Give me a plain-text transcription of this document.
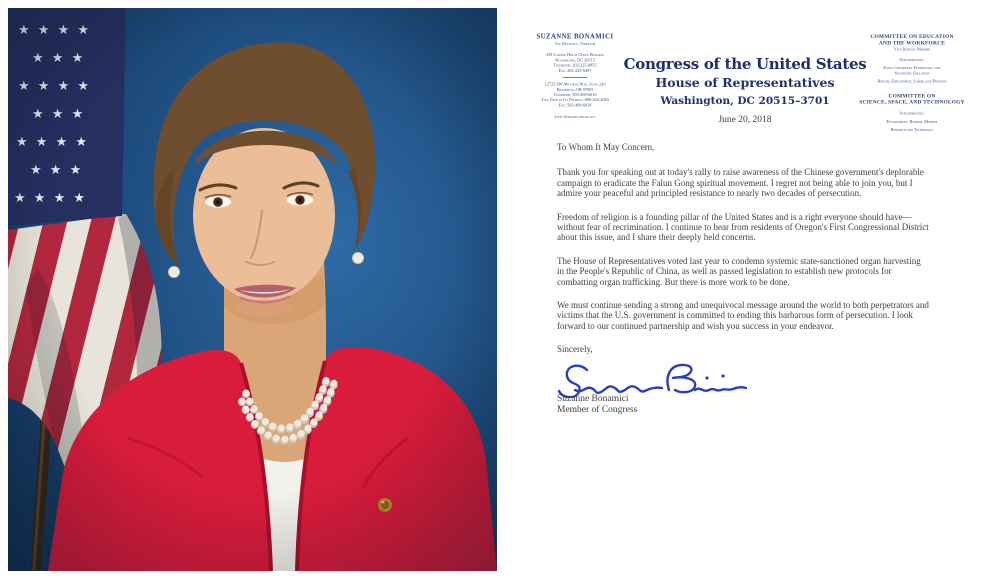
SUZANNE BONAMICI
1st District, Oregon
439 Cannon House Office Building
Washington, DC 20515
Telephone: 202-225-0855
Fax: 202-225-9497
12725 SW Millikan Way, Suite 220
Beaverton, OR 97005
Telephone: 503-469-6010
Toll Free in 1st District: 800-422-4003
Fax: 503-469-6018
http://bonamici.house.gov
COMMITTEE ON EDUCATION
AND THE WORKFORCE
Vice Ranking Member
Subcommittees:
Early Childhood, Elementary, and
Secondary Education
Health, Employment, Labor, and Pensions
COMMITTEE ON
SCIENCE, SPACE, AND TECHNOLOGY
Subcommittees:
Environment: Ranking Member
Research and Technology
Congress of the United States
House of Representatives
Washington, DC 20515–3701
June 20, 2018

To Whom It May Concern,

Thank you for speaking out at today's rally to raise awareness of the Chinese government's deplorable campaign to eradicate the Falun Gong spiritual movement. I regret not being able to join you, but I admire your peaceful and principled resistance to nearly two decades of persecution.

Freedom of religion is a founding pillar of the United States and is a right everyone should have—without fear of recrimination. I continue to hear from residents of Oregon's First Congressional District about this issue, and I share their deeply held concerns.

The House of Representatives voted last year to condemn systemic state-sanctioned organ harvesting in the People's Republic of China, as well as passed legislation to establish new protocols for combatting organ trafficking. But there is more work to be done.

We must continue sending a strong and unequivocal message around the world to both perpetrators and victims that the U.S. government is committed to ending this barbarous form of persecution. I look forward to our continued partnership and wish you success in your endeavor.

Sincerely,

Suzanne Bonamici
Member of Congress
